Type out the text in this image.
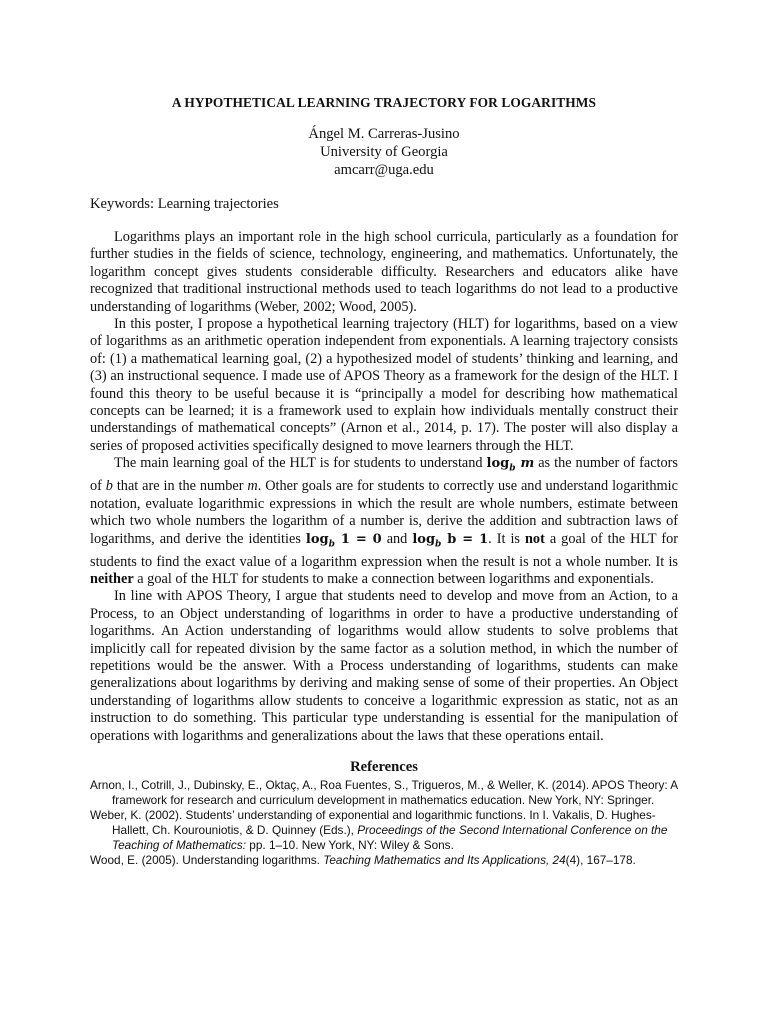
A HYPOTHETICAL LEARNING TRAJECTORY FOR LOGARITHMS
Ángel M. Carreras-Jusino
University of Georgia
amcarr@uga.edu
Keywords: Learning trajectories

Logarithms plays an important role in the high school curricula, particularly as a foundation for further studies in the fields of science, technology, engineering, and mathematics. Unfortunately, the logarithm concept gives students considerable difficulty. Researchers and educators alike have recognized that traditional instructional methods used to teach logarithms do not lead to a productive understanding of logarithms (Weber, 2002; Wood, 2005).

In this poster, I propose a hypothetical learning trajectory (HLT) for logarithms, based on a view of logarithms as an arithmetic operation independent from exponentials. A learning trajectory consists of: (1) a mathematical learning goal, (2) a hypothesized model of students’ thinking and learning, and (3) an instructional sequence. I made use of APOS Theory as a framework for the design of the HLT. I found this theory to be useful because it is “principally a model for describing how mathematical concepts can be learned; it is a framework used to explain how individuals mentally construct their understandings of mathematical concepts” (Arnon et al., 2014, p. 17). The poster will also display a series of proposed activities specifically designed to move learners through the HLT.

The main learning goal of the HLT is for students to understand $\log_b m$ as the number of factors of b that are in the number m. Other goals are for students to correctly use and understand logarithmic notation, evaluate logarithmic expressions in which the result are whole numbers, estimate between which two whole numbers the logarithm of a number is, derive the addition and subtraction laws of logarithms, and derive the identities $\log_b 1 = 0$ and $\log_b b = 1$. It is not a goal of the HLT for students to find the exact value of a logarithm expression when the result is not a whole number. It is neither a goal of the HLT for students to make a connection between logarithms and exponentials.

In line with APOS Theory, I argue that students need to develop and move from an Action, to a Process, to an Object understanding of logarithms in order to have a productive understanding of logarithms. An Action understanding of logarithms would allow students to solve problems that implicitly call for repeated division by the same factor as a solution method, in which the number of repetitions would be the answer. With a Process understanding of logarithms, students can make generalizations about logarithms by deriving and making sense of some of their properties. An Object understanding of logarithms allow students to conceive a logarithmic expression as static, not as an instruction to do something. This particular type understanding is essential for the manipulation of operations with logarithms and generalizations about the laws that these operations entail.

References
Arnon, I., Cotrill, J., Dubinsky, E., Oktaç, A., Roa Fuentes, S., Trigueros, M., & Weller, K. (2014). APOS Theory: A framework for research and curriculum development in mathematics education. New York, NY: Springer.
Weber, K. (2002). Students’ understanding of exponential and logarithmic functions. In I. Vakalis, D. Hughes-Hallett, Ch. Kourouniotis, & D. Quinney (Eds.), Proceedings of the Second International Conference on the Teaching of Mathematics: pp. 1–10. New York, NY: Wiley & Sons.
Wood, E. (2005). Understanding logarithms. Teaching Mathematics and Its Applications, 24(4), 167–178.
